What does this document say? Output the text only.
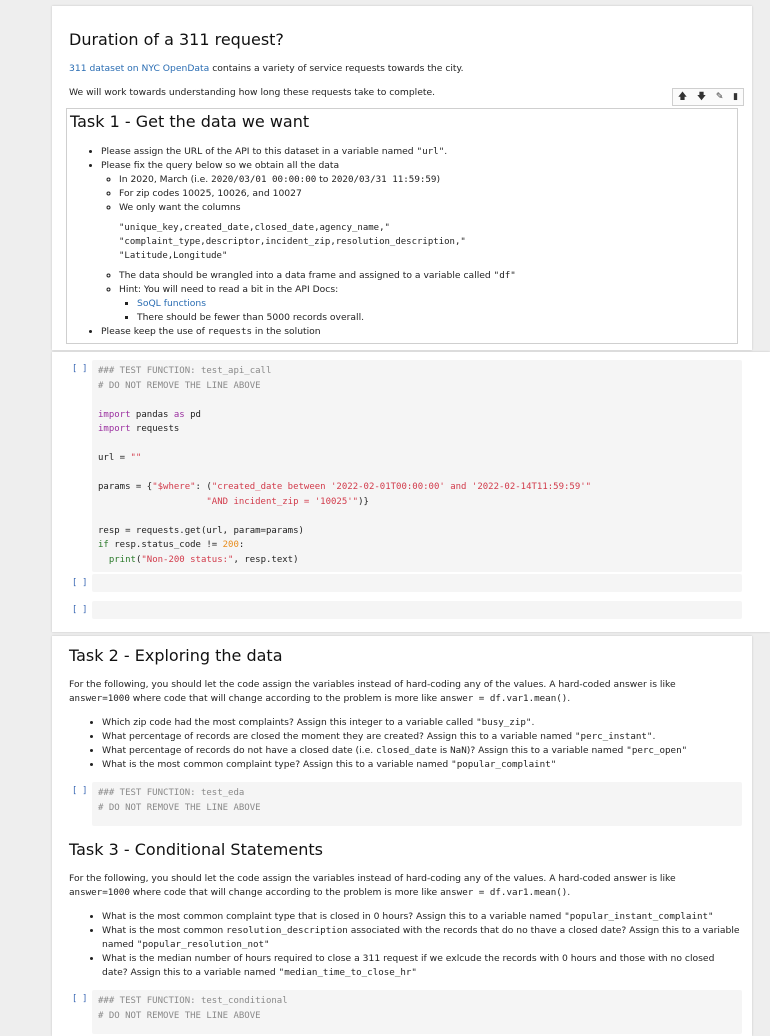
Duration of a 311 request?

311 dataset on NYC OpenData contains a variety of service requests towards the city.

We will work towards understanding how long these requests take to complete.	🡅 🡇 ✎ ▮
Task 1 - Get the data we want
• Please assign the URL of the API to this dataset in a variable named "url".
• Please fix the query below so we obtain all the data
◦ In 2020, March (i.e. 2020/03/01 00:00:00 to 2020/03/31 11:59:59)
◦ For zip codes 10025, 10026, and 10027
◦ We only want the columns
"unique_key,created_date,closed_date,agency_name,"
"complaint_type,descriptor,incident_zip,resolution_description,"
"Latitude,Longitude"
◦ The data should be wrangled into a data frame and assigned to a variable called "df"
◦ Hint: You will need to read a bit in the API Docs:
▪ SoQL functions
▪ There should be fewer than 5000 records overall.
• Please keep the use of requests in the solution
[ ]	### TEST FUNCTION: test_api_call
# DO NOT REMOVE THE LINE ABOVE

import pandas as pd
import requests

url = ""

params = {"$where": ("created_date between '2022-02-01T00:00:00' and '2022-02-14T11:59:59'"
"AND incident_zip = '10025'")}

resp = requests.get(url, param=params)
if resp.status_code != 200:
print("Non-200 status:", resp.text)
[ ]
[ ]
Task 2 - Exploring the data

For the following, you should let the code assign the variables instead of hard-coding any of the values. A hard-coded answer is like answer=1000 where code that will change according to the problem is more like answer = df.var1.mean().

• Which zip code had the most complaints? Assign this integer to a variable called "busy_zip".
• What percentage of records are closed the moment they are created? Assign this to a variable named "perc_instant".
• What percentage of records do not have a closed date (i.e. closed_date is NaN)? Assign this to a variable named "perc_open"
• What is the most common complaint type? Assign this to a variable named "popular_complaint"
[ ]	### TEST FUNCTION: test_eda
# DO NOT REMOVE THE LINE ABOVE
Task 3 - Conditional Statements

For the following, you should let the code assign the variables instead of hard-coding any of the values. A hard-coded answer is like answer=1000 where code that will change according to the problem is more like answer = df.var1.mean().

• What is the most common complaint type that is closed in 0 hours? Assign this to a variable named "popular_instant_complaint"
• What is the most common resolution_description associated with the records that do no thave a closed date? Assign this to a variable named "popular_resolution_not"
• What is the median number of hours required to close a 311 request if we exlcude the records with 0 hours and those with no closed date? Assign this to a variable named "median_time_to_close_hr"
[ ]	### TEST FUNCTION: test_conditional
# DO NOT REMOVE THE LINE ABOVE
